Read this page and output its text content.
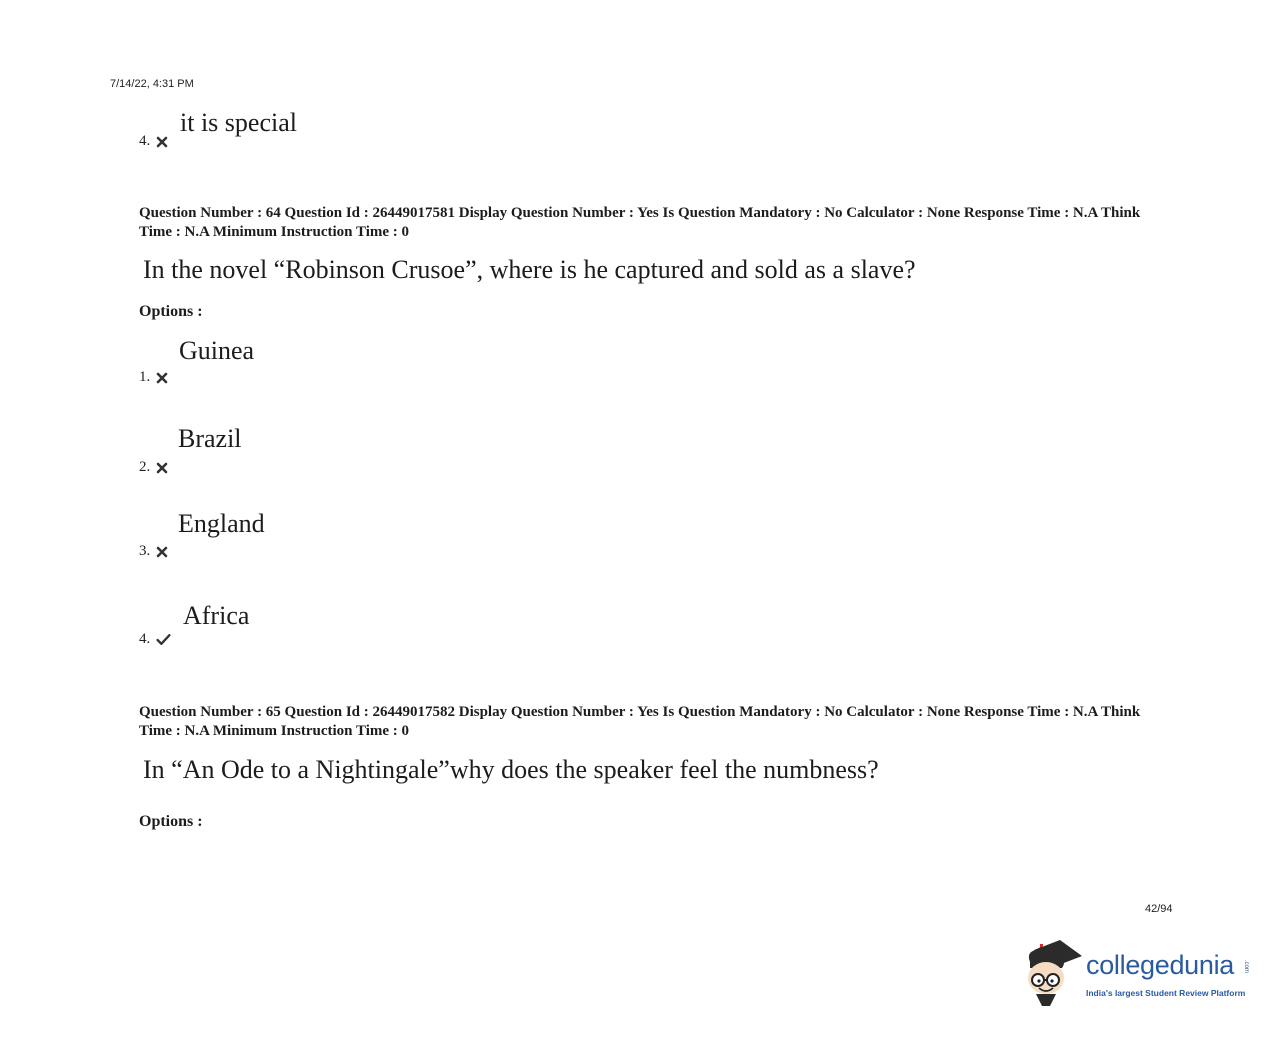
7/14/22, 4:31 PM
it is special
4.
Question Number : 64 Question Id : 26449017581 Display Question Number : Yes Is Question Mandatory : No Calculator : None Response Time : N.A Think Time : N.A Minimum Instruction Time : 0
In the novel “Robinson Crusoe”, where is he captured and sold as a slave?
Options :
Guinea
1.
Brazil
2.
England
3.
Africa
4.
Question Number : 65 Question Id : 26449017582 Display Question Number : Yes Is Question Mandatory : No Calculator : None Response Time : N.A Think Time : N.A Minimum Instruction Time : 0
In “An Ode to a Nightingale”why does the speaker feel the numbness?
Options :
42/94
collegedunia .com
India's largest Student Review Platform
